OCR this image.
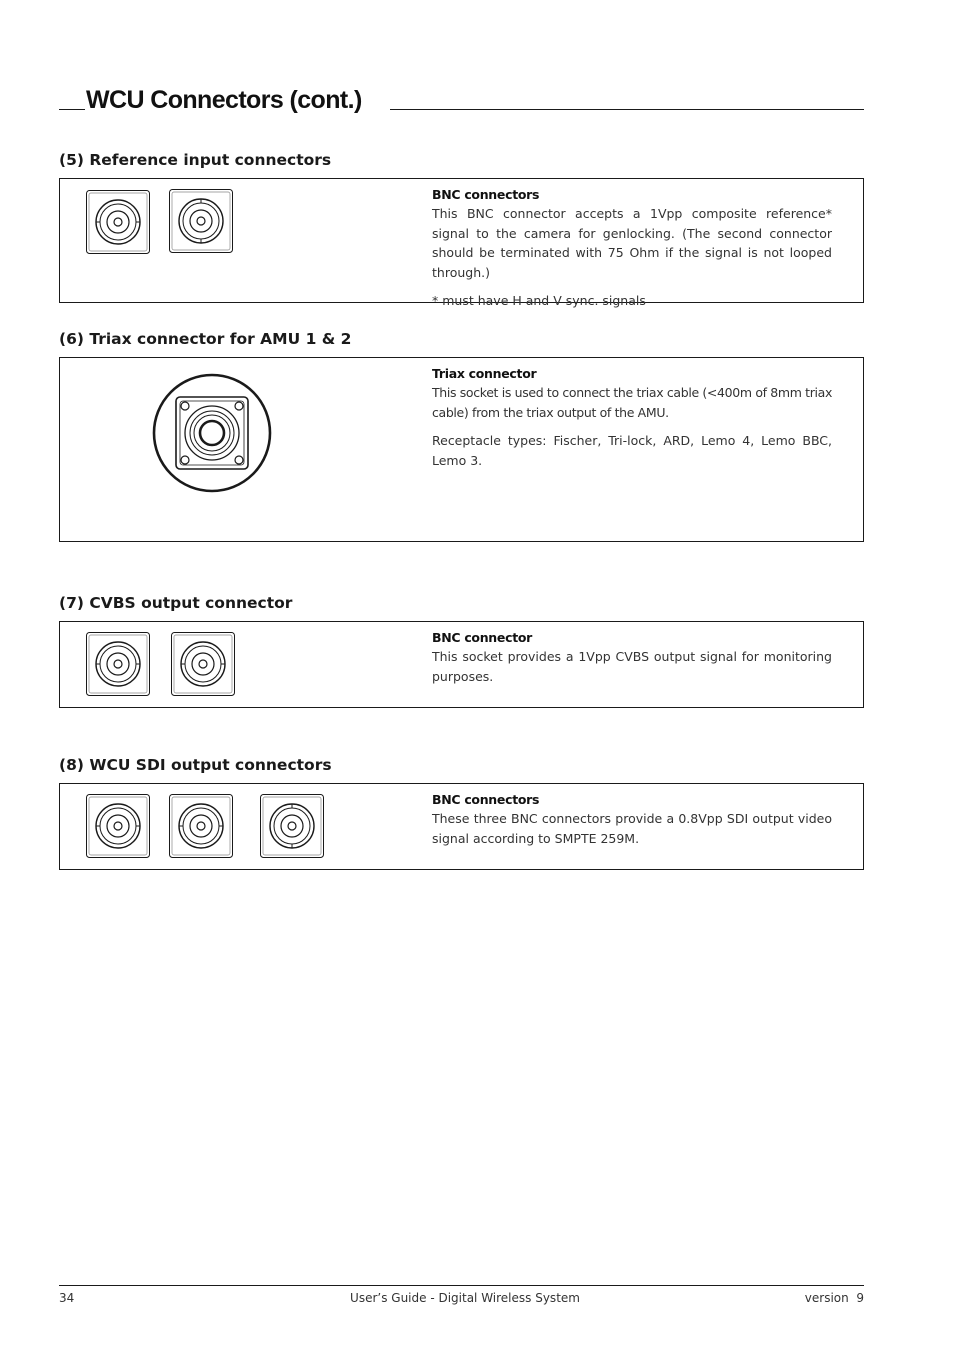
WCU Connectors (cont.)
(5) Reference input connectors

BNC connectors

This BNC connector accepts a 1Vpp composite reference* signal to the camera for genlocking. (The second connector should be terminated with 75 Ohm if the signal is not looped through.)

* must have H and V sync. signals

(6) Triax connector for AMU 1 & 2

Triax connector

This socket is used to connect the triax cable (<400m of 8mm triax cable) from the triax output of the AMU.

Receptacle types: Fischer, Tri-lock, ARD, Lemo 4, Lemo BBC, Lemo 3.

(7) CVBS output connector

BNC connector

This socket provides a 1Vpp CVBS output signal for monitoring purposes.

(8) WCU SDI output connectors

BNC connectors

These three BNC connectors provide a 0.8Vpp SDI output video signal according to SMPTE 259M.

34	User’s Guide - Digital Wireless System	version  9
